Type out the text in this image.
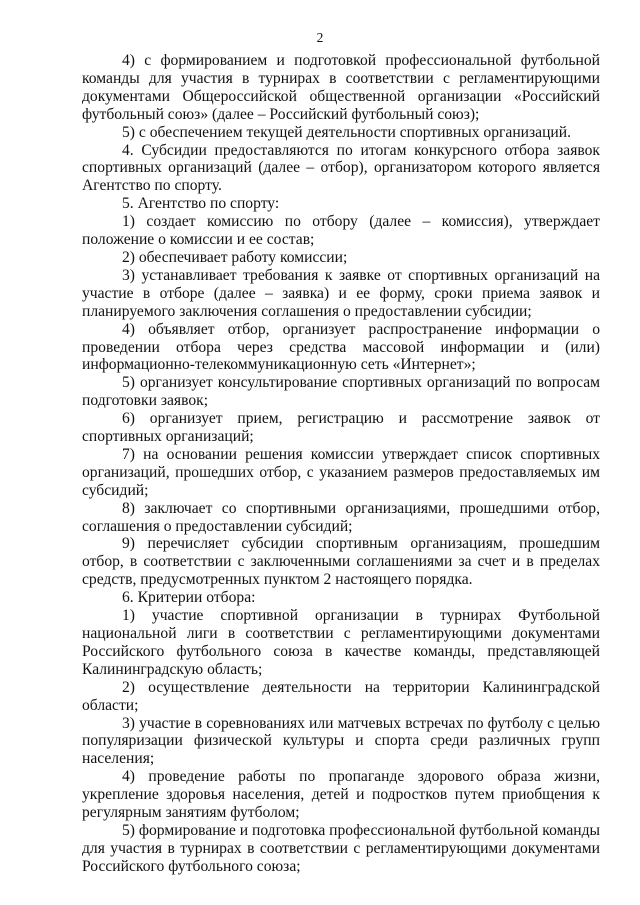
2

4) с формированием и подготовкой профессиональной футбольной команды для участия в турнирах в соответствии с регламентирующими документами Общероссийской общественной организации «Российский футбольный союз» (далее – Российский футбольный союз);

5) с обеспечением текущей деятельности спортивных организаций.

4. Субсидии предоставляются по итогам конкурсного отбора заявок спортивных организаций (далее – отбор), организатором которого является Агентство по спорту.

5. Агентство по спорту:

1) создает комиссию по отбору (далее – комиссия), утверждает положение о комиссии и ее состав;

2) обеспечивает работу комиссии;

3) устанавливает требования к заявке от спортивных организаций на участие в отборе (далее – заявка) и ее форму, сроки приема заявок и планируемого заключения соглашения о предоставлении субсидии;

4) объявляет отбор, организует распространение информации о проведении отбора через средства массовой информации и (или) информационно-телекоммуникационную сеть «Интернет»;

5) организует консультирование спортивных организаций по вопросам подготовки заявок;

6) организует прием, регистрацию и рассмотрение заявок от спортивных организаций;

7) на основании решения комиссии утверждает список спортивных организаций, прошедших отбор, с указанием размеров предоставляемых им субсидий;

8) заключает со спортивными организациями, прошедшими отбор, соглашения о предоставлении субсидий;

9) перечисляет субсидии спортивным организациям, прошедшим отбор, в соответствии с заключенными соглашениями за счет и в пределах средств, предусмотренных пунктом 2 настоящего порядка.

6. Критерии отбора:

1) участие спортивной организации в турнирах Футбольной национальной лиги в соответствии с регламентирующими документами Российского футбольного союза в качестве команды, представляющей Калининградскую область;

2) осуществление деятельности на территории Калининградской области;

3) участие в соревнованиях или матчевых встречах по футболу с целью популяризации физической культуры и спорта среди различных групп населения;

4) проведение работы по пропаганде здорового образа жизни, укрепление здоровья населения, детей и подростков путем приобщения к регулярным занятиям футболом;

5) формирование и подготовка профессиональной футбольной команды для участия в турнирах в соответствии с регламентирующими документами Российского футбольного союза;
